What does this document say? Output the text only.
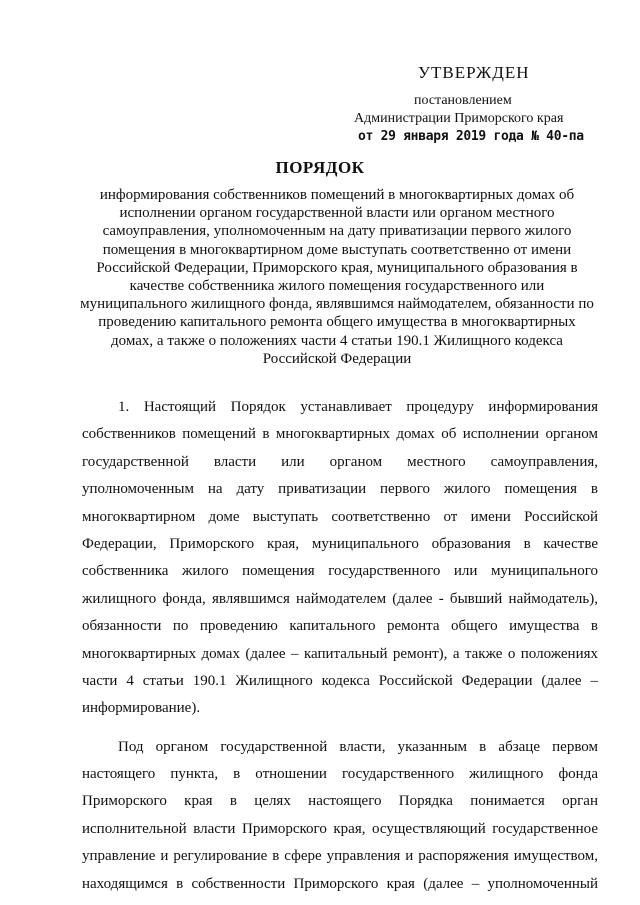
УТВЕРЖДЕН
постановлением
Администрации Приморского края
от 29 января 2019 года № 40-па
ПОРЯДОК
информирования собственников помещений в многоквартирных домах об
исполнении органом государственной власти или органом местного
самоуправления, уполномоченным на дату приватизации первого жилого
помещения в многоквартирном доме выступать соответственно от имени
Российской Федерации, Приморского края, муниципального образования в
качестве собственника жилого помещения государственного или
муниципального жилищного фонда, являвшимся наймодателем, обязанности по
проведению капитального ремонта общего имущества в многоквартирных
домах, а также о положениях части 4 статьи 190.1 Жилищного кодекса
Российской Федерации
1. Настоящий Порядок устанавливает процедуру информирования
собственников помещений в многоквартирных домах об исполнении органом
государственной власти или органом местного самоуправления,
уполномоченным на дату приватизации первого жилого помещения в
многоквартирном доме выступать соответственно от имени Российской
Федерации, Приморского края, муниципального образования в качестве
собственника жилого помещения государственного или муниципального
жилищного фонда, являвшимся наймодателем (далее - бывший наймодатель),
обязанности по проведению капитального ремонта общего имущества в
многоквартирных домах (далее – капитальный ремонт), а также о положениях
части 4 статьи 190.1 Жилищного кодекса Российской Федерации (далее –
информирование).
Под органом государственной власти, указанным в абзаце первом
настоящего пункта, в отношении государственного жилищного фонда
Приморского края в целях настоящего Порядка понимается орган
исполнительной власти Приморского края, осуществляющий государственное
управление и регулирование в сфере управления и распоряжения имуществом,
находящимся в собственности Приморского края (далее – уполномоченный
